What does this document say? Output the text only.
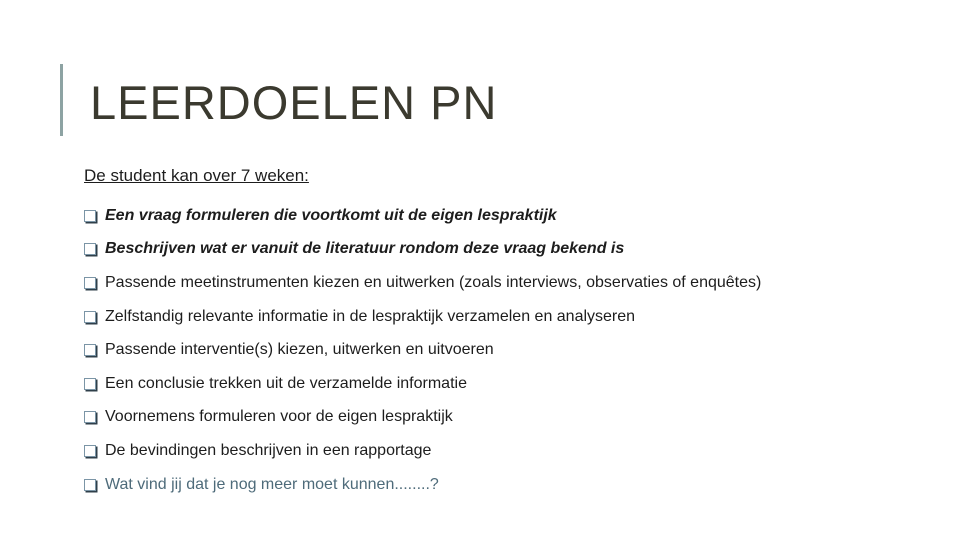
LEERDOELEN PN
De student kan over 7 weken:
Een vraag formuleren die voortkomt uit de eigen lespraktijk
Beschrijven wat er vanuit de literatuur rondom deze vraag bekend is
Passende meetinstrumenten kiezen en uitwerken (zoals interviews, observaties of enquêtes)
Zelfstandig relevante informatie in de lespraktijk verzamelen en analyseren
Passende interventie(s) kiezen, uitwerken en uitvoeren
Een conclusie trekken uit de verzamelde informatie
Voornemens formuleren voor de eigen lespraktijk
De bevindingen beschrijven in een rapportage
Wat vind jij dat je nog meer moet kunnen........?
